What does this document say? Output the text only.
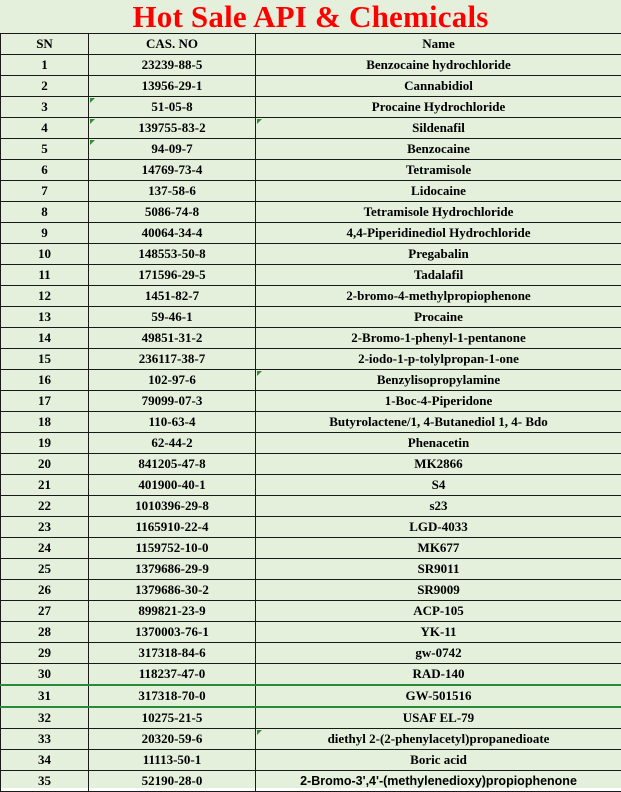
Hot Sale API & Chemicals
SN	CAS. NO	Name
1	23239-88-5	Benzocaine hydrochloride
2	13956-29-1	Cannabidiol
3	51-05-8	Procaine Hydrochloride
4	139755-83-2	Sildenafil
5	94-09-7	Benzocaine
6	14769-73-4	Tetramisole
7	137-58-6	Lidocaine
8	5086-74-8	Tetramisole Hydrochloride
9	40064-34-4	4,4-Piperidinediol Hydrochloride
10	148553-50-8	Pregabalin
11	171596-29-5	Tadalafil
12	1451-82-7	2-bromo-4-methylpropiophenone
13	59-46-1	Procaine
14	49851-31-2	2-Bromo-1-phenyl-1-pentanone
15	236117-38-7	2-iodo-1-p-tolylpropan-1-one
16	102-97-6	Benzylisopropylamine
17	79099-07-3	1-Boc-4-Piperidone
18	110-63-4	Butyrolactene/1, 4-Butanediol 1, 4- Bdo
19	62-44-2	Phenacetin
20	841205-47-8	MK2866
21	401900-40-1	S4
22	1010396-29-8	s23
23	1165910-22-4	LGD-4033
24	1159752-10-0	MK677
25	1379686-29-9	SR9011
26	1379686-30-2	SR9009
27	899821-23-9	ACP-105
28	1370003-76-1	YK-11
29	317318-84-6	gw-0742
30	118237-47-0	RAD-140
31	317318-70-0	GW-501516
32	10275-21-5	USAF EL-79
33	20320-59-6	diethyl 2-(2-phenylacetyl)propanedioate
34	11113-50-1	Boric acid
35	52190-28-0	2-Bromo-3',4'-(methylenedioxy)propiophenone
